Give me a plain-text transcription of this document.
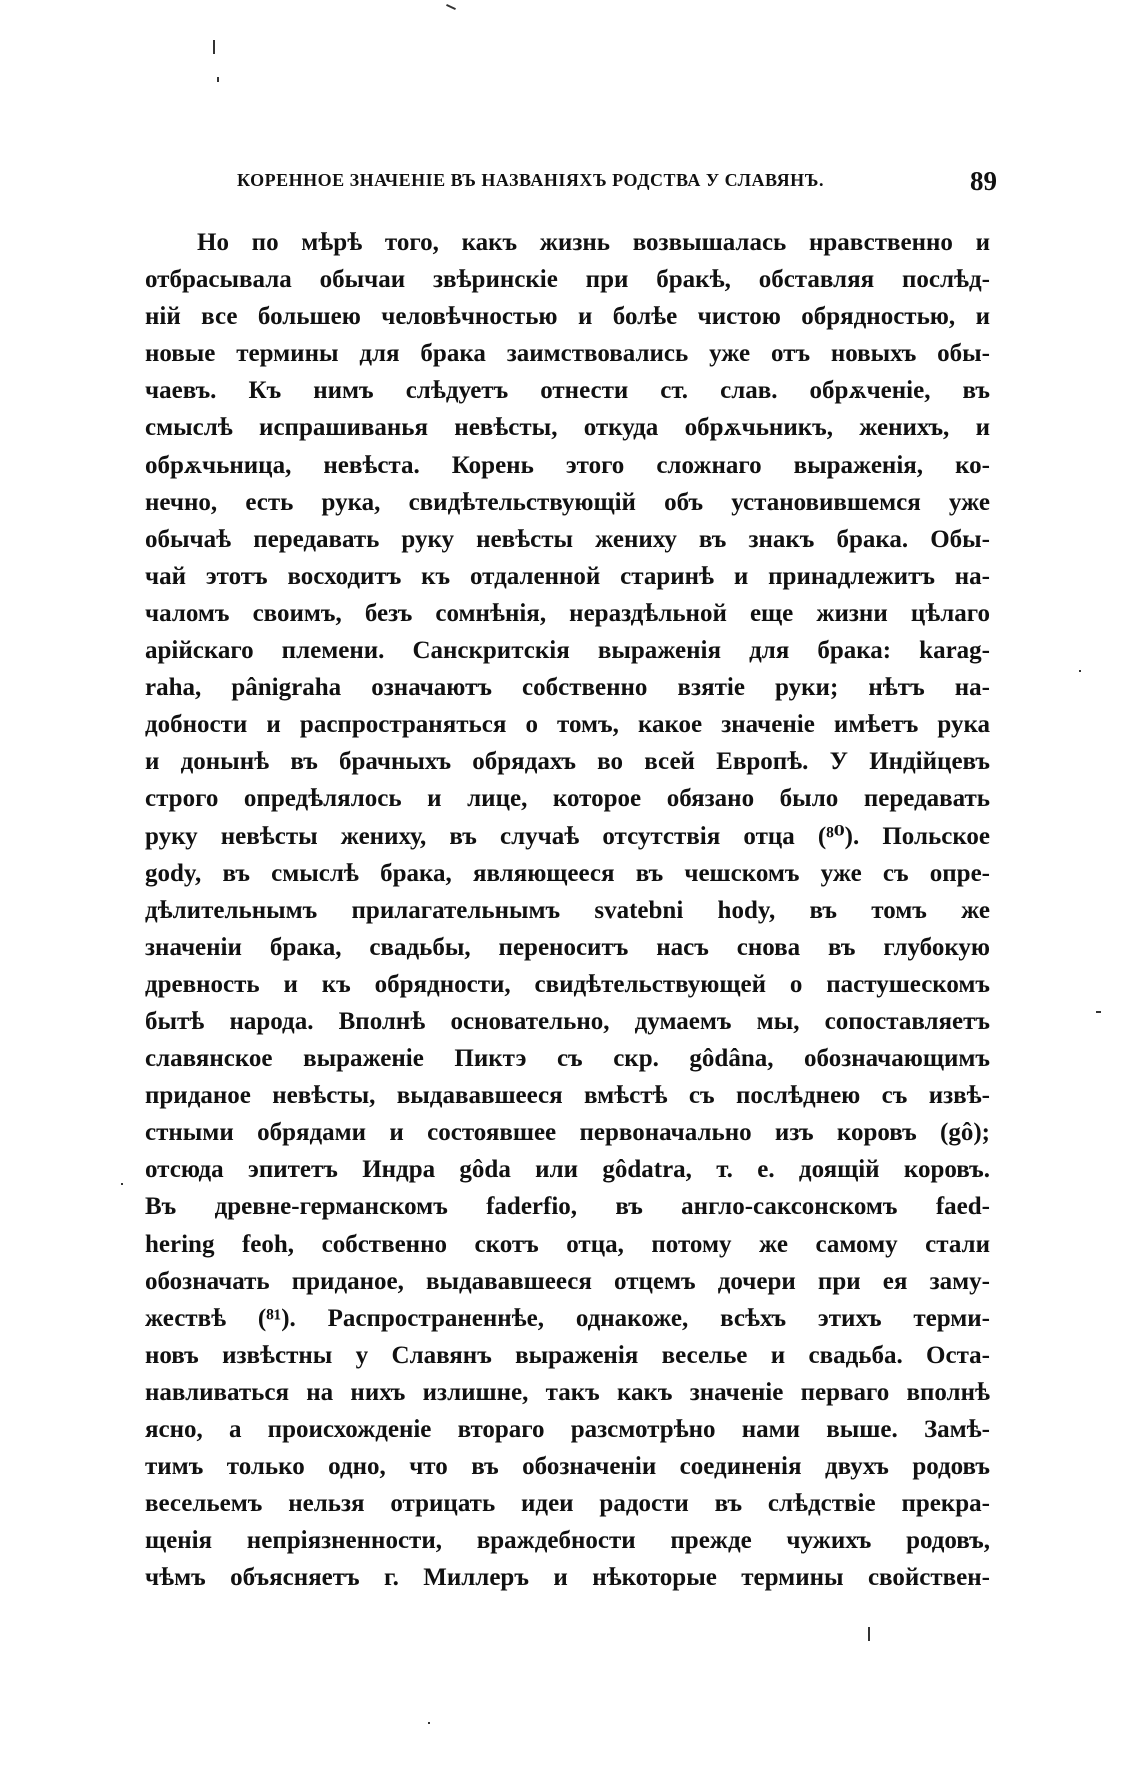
КОРЕННОЕ ЗНАЧЕНІЕ ВЪ НАЗВАНІЯХЪ РОДСТВА У СЛАВЯНЪ.	89
Но по мѣрѣ того, какъ жизнь возвышалась нравственно и
отбрасывала обычаи звѣринскіе при бракѣ, обставляя послѣд-
ній все большею человѣчностью и болѣе чистою обрядностью, и
новые термины для брака заимствовались уже отъ новыхъ обы-
чаевъ. Къ нимъ слѣдуетъ отнести ст. слав. обрѫченіе, въ
смыслѣ испрашиванья невѣсты, откуда обрѫчьникъ, женихъ, и
обрѫчьница, невѣста. Корень этого сложнаго выраженія, ко-
нечно, есть рука, свидѣтельствующій объ установившемся уже
обычаѣ передавать руку невѣсты жениху въ знакъ брака. Обы-
чай этотъ восходитъ къ отдаленной старинѣ и принадлежитъ на-
чаломъ своимъ, безъ сомнѣнія, нераздѣльной еще жизни цѣлаго
арійскаго племени. Санскритскія выраженія для брака: karag-
raha, pânigraha означаютъ собственно взятіе руки; нѣтъ на-
добности и распространяться о томъ, какое значеніе имѣетъ рука
и донынѣ въ брачныхъ обрядахъ во всей Европѣ. У Индійцевъ
строго опредѣлялось и лице, которое обязано было передавать
руку невѣсты жениху, въ случаѣ отсутствія отца (⁸⁰). Польское
gody, въ смыслѣ брака, являющееся въ чешскомъ уже съ опре-
дѣлительнымъ прилагательнымъ svatebni hody, въ томъ же
значеніи брака, свадьбы, переноситъ насъ снова въ глубокую
древность и къ обрядности, свидѣтельствующей о пастушескомъ
бытѣ народа. Вполнѣ основательно, думаемъ мы, сопоставляетъ
славянское выраженіе Пиктэ съ скр. gôdâna, обозначающимъ
приданое невѣсты, выдававшееся вмѣстѣ съ послѣднею съ извѣ-
стными обрядами и состоявшее первоначально изъ коровъ (gô);
отсюда эпитетъ Индра gôda или gôdatra, т. е. доящій коровъ.
Въ древне-германскомъ faderfio, въ англо-саксонскомъ faed-
hering feoh, собственно скотъ отца, потому же самому стали
обозначать приданое, выдававшееся отцемъ дочери при ея заму-
жествѣ (⁸¹). Распространеннѣе, однакоже, всѣхъ этихъ терми-
новъ извѣстны у Славянъ выраженія веселье и свадьба. Оста-
навливаться на нихъ излишне, такъ какъ значеніе перваго вполнѣ
ясно, а происхожденіе втораго разсмотрѣно нами выше. Замѣ-
тимъ только одно, что въ обозначеніи соединенія двухъ родовъ
весельемъ нельзя отрицать идеи радости въ слѣдствіе прекра-
щенія непріязненности, враждебности прежде чужихъ родовъ,
чѣмъ объясняетъ г. Миллеръ и нѣкоторые термины свойствен-
